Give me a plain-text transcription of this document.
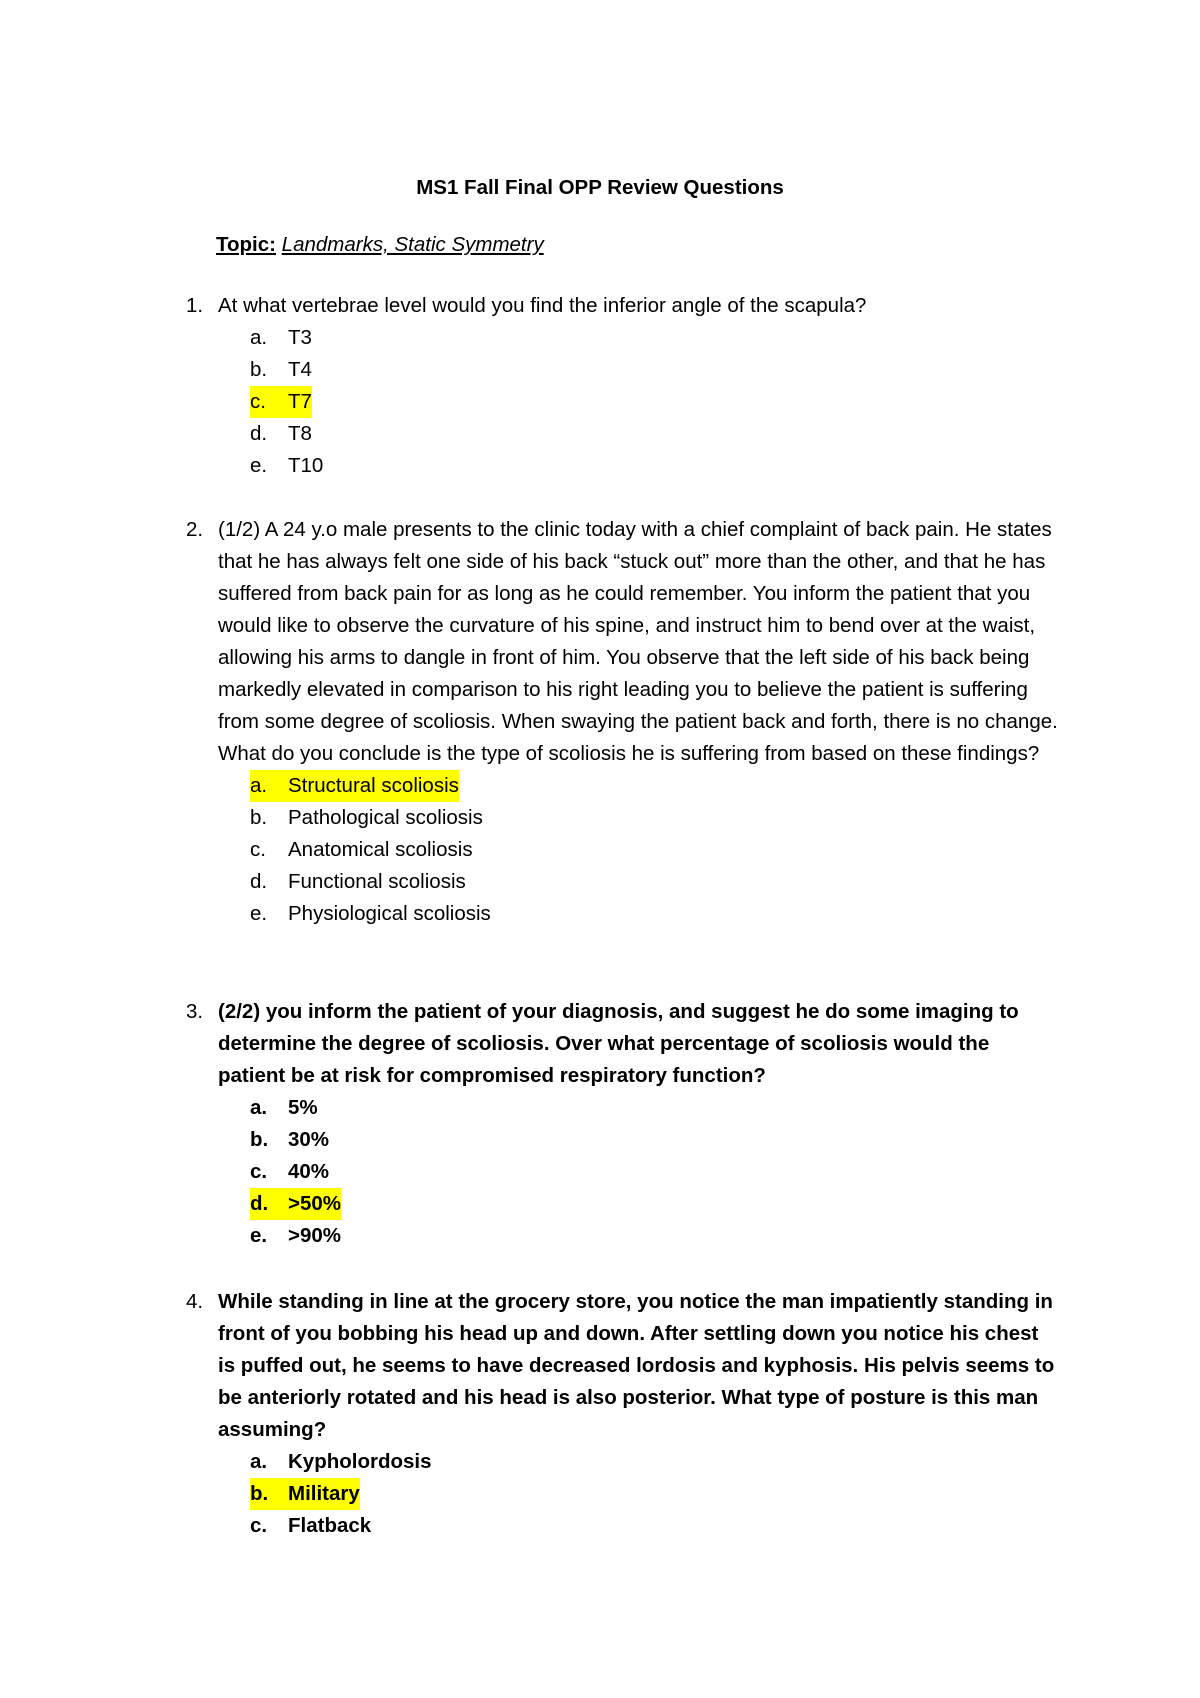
MS1 Fall Final OPP Review Questions
Topic: Landmarks, Static Symmetry
1. At what vertebrae level would you find the inferior angle of the scapula?

a.	T3
b.	T4
c.	T7
d.	T8
e.	T10
2. (1/2) A 24 y.o male presents to the clinic today with a chief complaint of back pain. He states that he has always felt one side of his back “stuck out” more than the other, and that he has suffered from back pain for as long as he could remember. You inform the patient that you would like to observe the curvature of his spine, and instruct him to bend over at the waist, allowing his arms to dangle in front of him. You observe that the left side of his back being markedly elevated in comparison to his right leading you to believe the patient is suffering from some degree of scoliosis. When swaying the patient back and forth, there is no change. What do you conclude is the type of scoliosis he is suffering from based on these findings?

a.	Structural scoliosis
b.	Pathological scoliosis
c.	Anatomical scoliosis
d.	Functional scoliosis
e.	Physiological scoliosis
3. (2/2) you inform the patient of your diagnosis, and suggest he do some imaging to determine the degree of scoliosis. Over what percentage of scoliosis would the patient be at risk for compromised respiratory function?

a.	5%
b. 30%
c.	40%
d. >50%
e.	>90%
4. While standing in line at the grocery store, you notice the man impatiently standing in front of you bobbing his head up and down. After settling down you notice his chest is puffed out, he seems to have decreased lordosis and kyphosis. His pelvis seems to be anteriorly rotated and his head is also posterior. What type of posture is this man assuming?

a.	Kypholordosis
b. Military
c.	Flatback
